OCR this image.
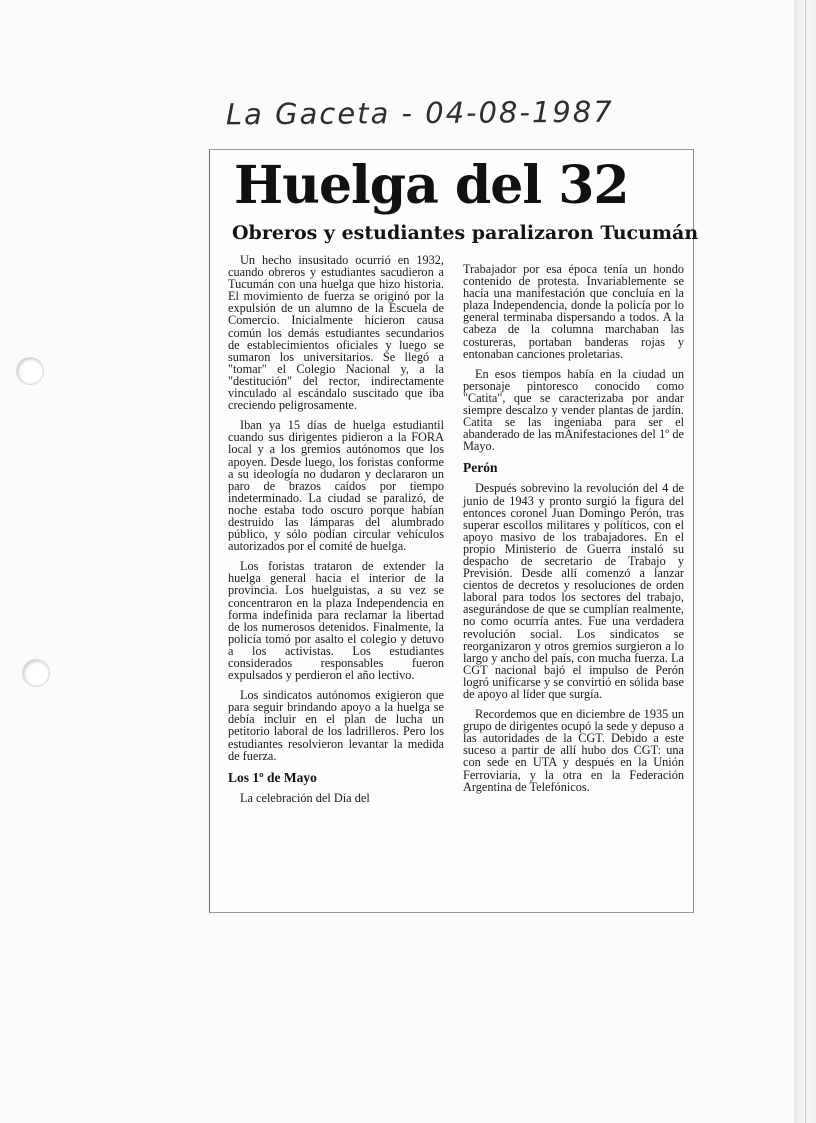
La Gaceta - 04-08-1987

Huelga del 32
Obreros y estudiantes paralizaron Tucumán

Un hecho insusitado ocurrió en 1932, cuando obreros y estudiantes sacudieron a Tucumán con una huelga que hizo historia. El movimiento de fuerza se originó por la expulsión de un alumno de la Escuela de Comercio. Inicialmente hicieron causa común los demás estudiantes secundarios de establecimientos oficiales y luego se sumaron los universitarios. Se llegó a "tomar" el Colegio Nacional y, a la "destitución" del rector, indirectamente vinculado al escándalo suscitado que iba creciendo peligrosamente.

Iban ya 15 días de huelga estudiantil cuando sus dirigentes pidieron a la FORA local y a los gremios autónomos que los apoyen. Desde luego, los foristas conforme a su ideología no dudaron y declararon un paro de brazos caídos por tiempo indeterminado. La ciudad se paralizó, de noche estaba todo oscuro porque habían destruido las lámparas del alumbrado público, y sólo podían circular vehículos autorizados por el comité de huelga.

Los foristas trataron de extender la huelga general hacia el interior de la provincia. Los huelguistas, a su vez se concentraron en la plaza Independencia en forma indefinida para reclamar la libertad de los numerosos detenidos. Finalmente, la policía tomó por asalto el colegio y detuvo a los activistas. Los estudiantes considerados responsables fueron expulsados y perdieron el año lectivo.

Los sindicatos autónomos exigieron que para seguir brindando apoyo a la huelga se debía incluir en el plan de lucha un petitorio laboral de los ladrilleros. Pero los estudiantes resolvieron levantar la medida de fuerza.

Los 1º de Mayo

La celebración del Día del

Trabajador por esa época tenía un hondo contenido de protesta. Invariablemente se hacía una manifestación que concluía en la plaza Independencia, donde la policía por lo general terminaba dispersando a todos. A la cabeza de la columna marchaban las costureras, portaban banderas rojas y entonaban canciones proletarias.

En esos tiempos había en la ciudad un personaje pintoresco conocido como "Catita", que se caracterizaba por andar siempre descalzo y vender plantas de jardín. Catita se las ingeniaba para ser el abanderado de las mAnifestaciones del 1º de Mayo.

Perón

Después sobrevino la revolución del 4 de junio de 1943 y pronto surgió la figura del entonces coronel Juan Domingo Perón, tras superar escollos militares y políticos, con el apoyo masivo de los trabajadores. En el propio Ministerio de Guerra instaló su despacho de secretario de Trabajo y Previsión. Desde allí comenzó a lanzar cientos de decretos y resoluciones de orden laboral para todos los sectores del trabajo, asegurándose de que se cumplían realmente, no como ocurría antes. Fue una verdadera revolución social. Los sindicatos se reorganizaron y otros gremios surgieron a lo largo y ancho del país, con mucha fuerza. La CGT nacional bajó el impulso de Perón logró unificarse y se convirtió en sólida base de apoyo al líder que surgía.

Recordemos que en diciembre de 1935 un grupo de dirigentes ocupó la sede y depuso a las autoridades de la CGT. Debido a este suceso a partir de allí hubo dos CGT: una con sede en UTA y después en la Unión Ferroviaria, y la otra en la Federación Argentina de Telefónicos.
